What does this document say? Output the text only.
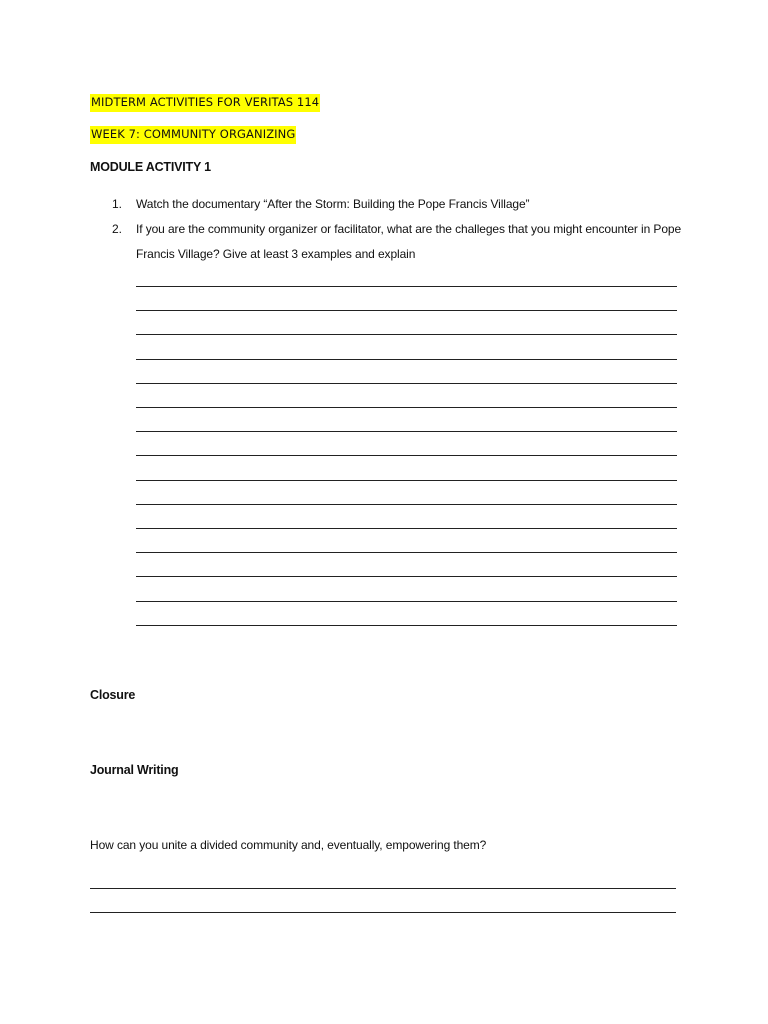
MIDTERM ACTIVITIES FOR VERITAS 114
WEEK 7: COMMUNITY ORGANIZING
MODULE ACTIVITY 1
1. Watch the documentary “After the Storm: Building the Pope Francis Village”
2. If you are the community organizer or facilitator, what are the challeges that you might encounter in Pope
Francis Village? Give at least 3 examples and explain
Closure
Journal Writing
How can you unite a divided community and, eventually, empowering them?
